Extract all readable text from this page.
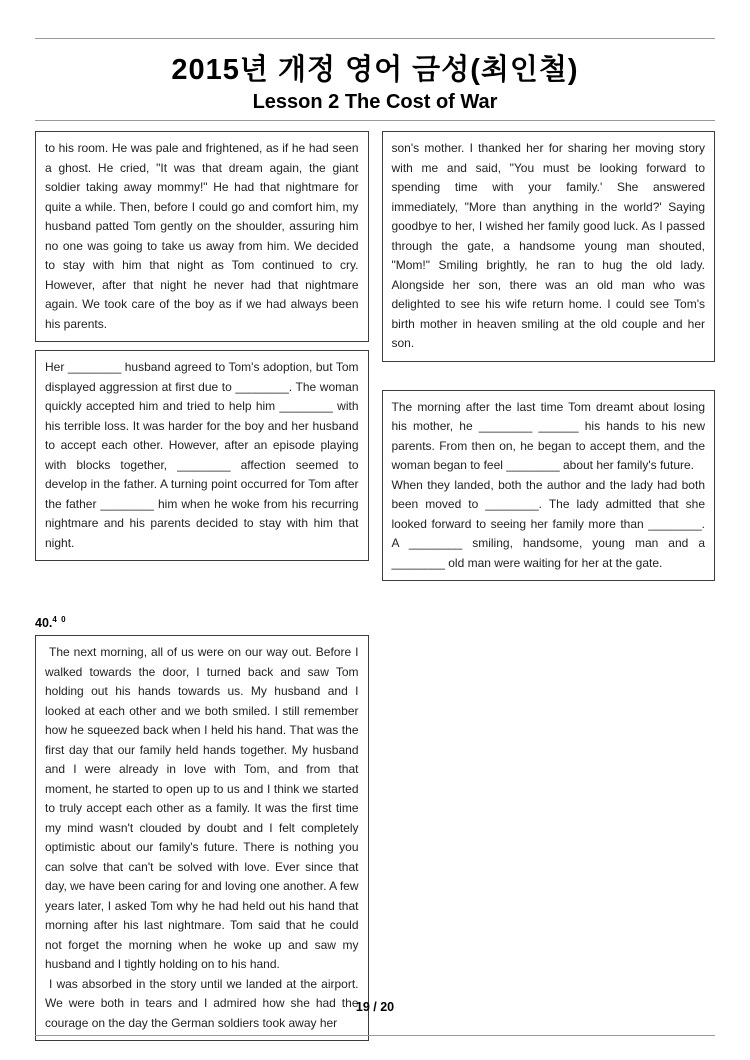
2015년 개정 영어 금성(최인철)
Lesson 2 The Cost of War

to his room. He was pale and frightened, as if he had seen a ghost. He cried, "It was that dream again, the giant soldier taking away mommy!" He had that nightmare for quite a while. Then, before I could go and comfort him, my husband patted Tom gently on the shoulder, assuring him no one was going to take us away from him. We decided to stay with him that night as Tom continued to cry. However, after that night he never had that nightmare again. We took care of the boy as if we had always been his parents.

Her ________ husband agreed to Tom's adoption, but Tom displayed aggression at first due to ________. The woman quickly accepted him and tried to help him ________ with his terrible loss. It was harder for the boy and her husband to accept each other. However, after an episode playing with blocks together, ________ affection seemed to develop in the father. A turning point occurred for Tom after the father ________ him when he woke from his recurring nightmare and his parents decided to stay with him that night.

40.$^{4 0}$

The next morning, all of us were on our way out. Before I walked towards the door, I turned back and saw Tom holding out his hands towards us. My husband and I looked at each other and we both smiled. I still remember how he squeezed back when I held his hand. That was the first day that our family held hands together. My husband and I were already in love with Tom, and from that moment, he started to open up to us and I think we started to truly accept each other as a family. It was the first time my mind wasn't clouded by doubt and I felt completely optimistic about our family's future. There is nothing you can solve that can't be solved with love. Ever since that day, we have been caring for and loving one another. A few years later, I asked Tom why he had held out his hand that morning after his last nightmare. Tom said that he could not forget the morning when he woke up and saw my husband and I tightly holding on to his hand.

I was absorbed in the story until we landed at the airport. We were both in tears and I admired how she had the courage on the day the German soldiers took away her

son's mother. I thanked her for sharing her moving story with me and said, "You must be looking forward to spending time with your family.' She answered immediately, "More than anything in the world?' Saying goodbye to her, I wished her family good luck. As I passed through the gate, a handsome young man shouted, "Mom!" Smiling brightly, he ran to hug the old lady. Alongside her son, there was an old man who was delighted to see his wife return home. I could see Tom's birth mother in heaven smiling at the old couple and her son.

The morning after the last time Tom dreamt about losing his mother, he ________ ______ his hands to his new parents. From then on, he began to accept them, and the woman began to feel ________ about her family's future.

When they landed, both the author and the lady had both been moved to ________. The lady admitted that she looked forward to seeing her family more than ________. A ________ smiling, handsome, young man and a ________ old man were waiting for her at the gate.

19 / 20
